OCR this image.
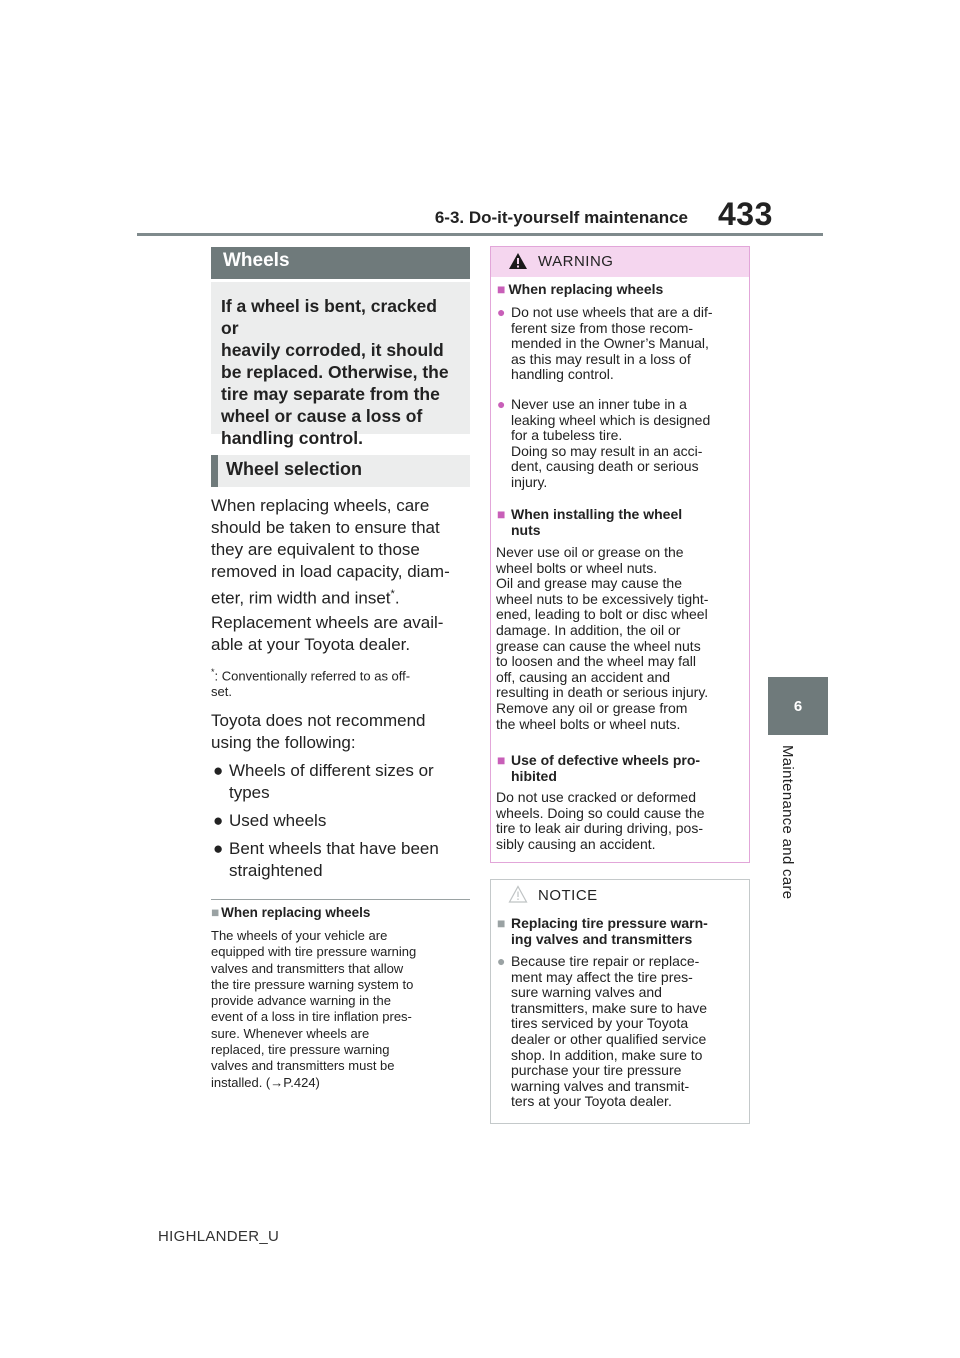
6-3. Do-it-yourself maintenance 433
6
Maintenance and care
Wheels
If a wheel is bent, cracked or
heavily corroded, it should
be replaced. Otherwise, the
tire may separate from the
wheel or cause a loss of
handling control.
Wheel selection
When replacing wheels, care
should be taken to ensure that
they are equivalent to those
removed in load capacity, diam-
eter, rim width and inset*.
Replacement wheels are avail-
able at your Toyota dealer.
*: Conventionally referred to as off-
set.
Toyota does not recommend
using the following:
● Wheels of different sizes or
types
● Used wheels
● Bent wheels that have been
straightened
■ When replacing wheels
The wheels of your vehicle are
equipped with tire pressure warning
valves and transmitters that allow
the tire pressure warning system to
provide advance warning in the
event of a loss in tire inflation pres-
sure. Whenever wheels are
replaced, tire pressure warning
valves and transmitters must be
installed. (→P.424)
WARNING
■ When replacing wheels
● Do not use wheels that are a dif-
ferent size from those recom-
mended in the Owner’s Manual,
as this may result in a loss of
handling control.
● Never use an inner tube in a
leaking wheel which is designed
for a tubeless tire.
Doing so may result in an acci-
dent, causing death or serious
injury.
■ When installing the wheel
nuts
Never use oil or grease on the
wheel bolts or wheel nuts.
Oil and grease may cause the
wheel nuts to be excessively tight-
ened, leading to bolt or disc wheel
damage. In addition, the oil or
grease can cause the wheel nuts
to loosen and the wheel may fall
off, causing an accident and
resulting in death or serious injury.
Remove any oil or grease from
the wheel bolts or wheel nuts.
■ Use of defective wheels pro-
hibited
Do not use cracked or deformed
wheels. Doing so could cause the
tire to leak air during driving, pos-
sibly causing an accident.
NOTICE
■ Replacing tire pressure warn-
ing valves and transmitters
● Because tire repair or replace-
ment may affect the tire pres-
sure warning valves and
transmitters, make sure to have
tires serviced by your Toyota
dealer or other qualified service
shop. In addition, make sure to
purchase your tire pressure
warning valves and transmit-
ters at your Toyota dealer.
HIGHLANDER_U
